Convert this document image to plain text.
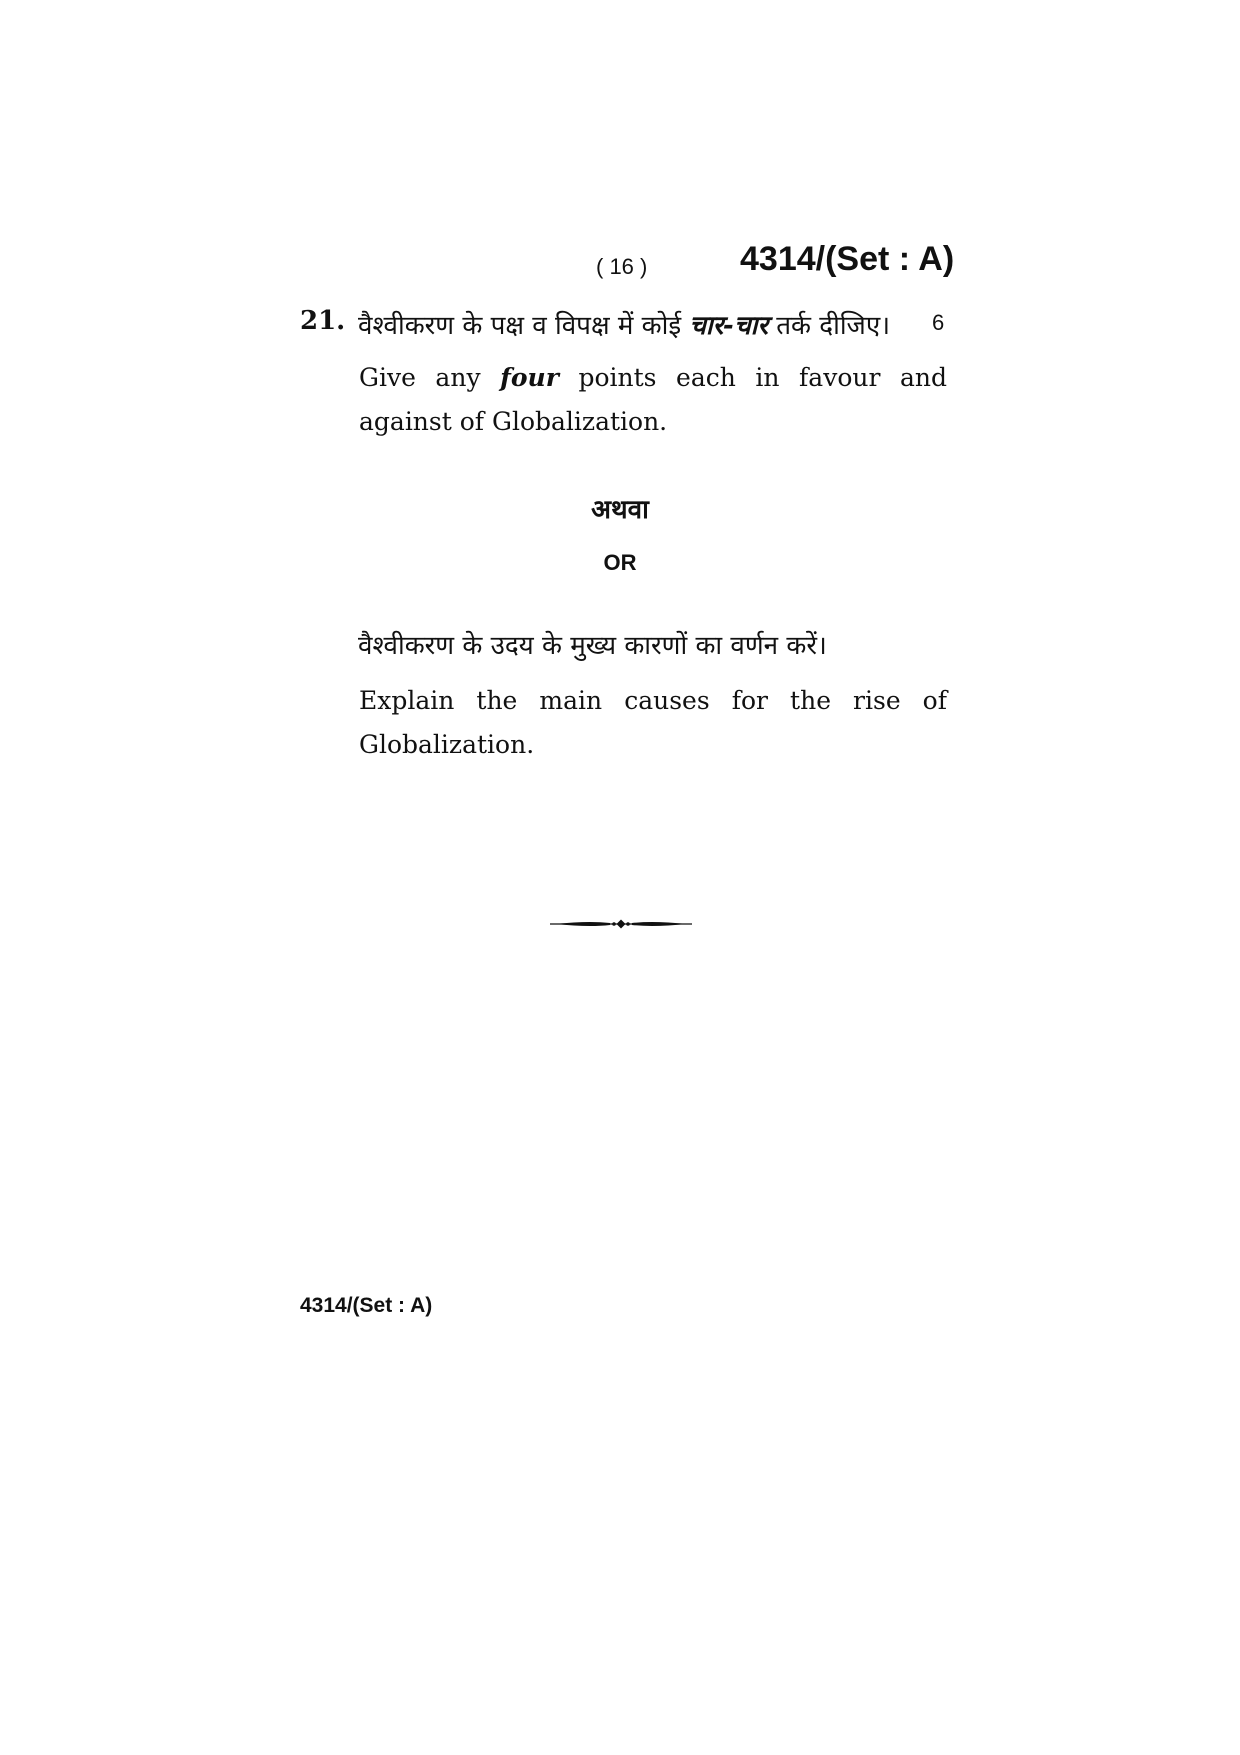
( 16 )	4314/(Set : A)
21. वैश्वीकरण के पक्ष व विपक्ष में कोई चार-चार तर्क दीजिए।	6
Give any four points each in favour and against of Globalization.
अथवा
OR
वैश्वीकरण के उदय के मुख्य कारणों का वर्णन करें।
Explain the main causes for the rise of Globalization.
4314/(Set : A)
